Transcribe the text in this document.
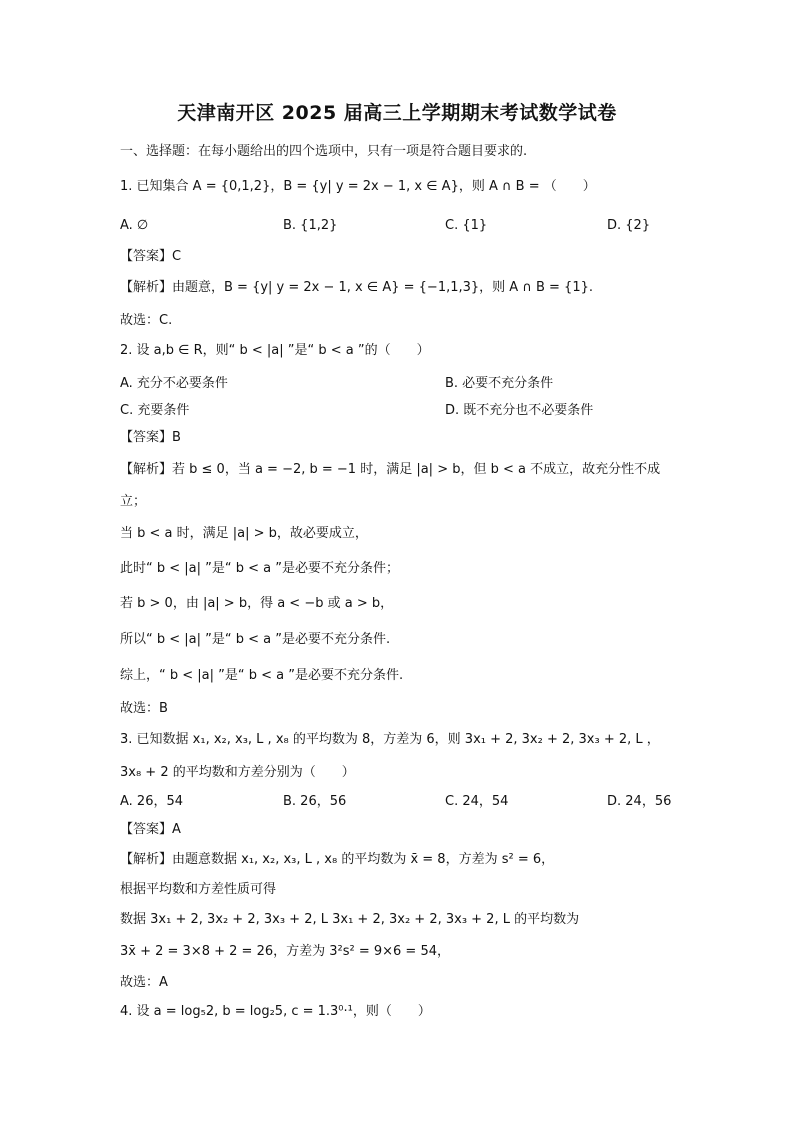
天津南开区 2025 届高三上学期期末考试数学试卷
一、选择题：在每小题给出的四个选项中，只有一项是符合题目要求的.
1. 已知集合 A = {0,1,2}，B = {y| y = 2x − 1, x ∈ A}，则 A ∩ B = （　　）
A. ∅	B. {1,2}	C. {1}	D. {2}
【答案】C
【解析】由题意，B = {y| y = 2x − 1, x ∈ A} = {−1,1,3}，则 A ∩ B = {1}.
故选：C.
2. 设 a,b ∈ R，则“ b < |a| ”是“ b < a ”的（　　）
A. 充分不必要条件	B. 必要不充分条件
C. 充要条件	D. 既不充分也不必要条件
【答案】B
【解析】若 b ≤ 0，当 a = −2, b = −1 时，满足 |a| > b，但 b < a 不成立，故充分性不成
立；
当 b < a 时，满足 |a| > b，故必要成立，
此时“ b < |a| ”是“ b < a ”是必要不充分条件；
若 b > 0，由 |a| > b，得 a < −b 或 a > b，
所以“ b < |a| ”是“ b < a ”是必要不充分条件.
综上，“ b < |a| ”是“ b < a ”是必要不充分条件.
故选：B
3. 已知数据 x₁, x₂, x₃, L , x₈ 的平均数为 8，方差为 6，则 3x₁ + 2, 3x₂ + 2, 3x₃ + 2, L ，
3x₈ + 2 的平均数和方差分别为（　　）
A. 26，54	B. 26，56	C. 24，54	D. 24，56
【答案】A
【解析】由题意数据 x₁, x₂, x₃, L , x₈ 的平均数为 x̄ = 8，方差为 s² = 6，
根据平均数和方差性质可得
数据 3x₁ + 2, 3x₂ + 2, 3x₃ + 2, L 3x₁ + 2, 3x₂ + 2, 3x₃ + 2, L 的平均数为
3x̄ + 2 = 3×8 + 2 = 26，方差为 3²s² = 9×6 = 54，
故选：A
4. 设 a = log₅2, b = log₂5, c = 1.3⁰·¹，则（　　）
